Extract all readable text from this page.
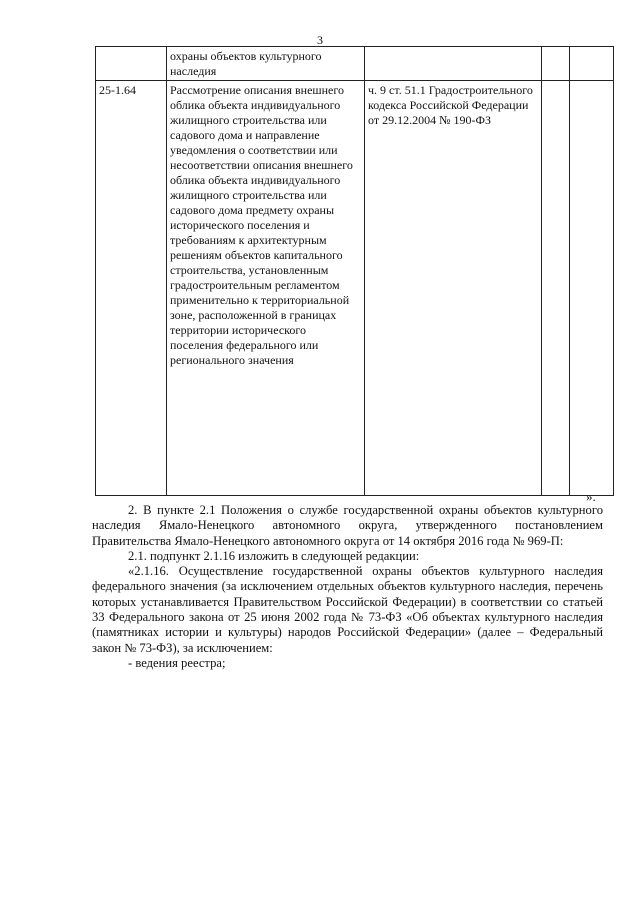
3
	охраны объектов культурного наследия			
25-1.64	Рассмотрение описания внешнего облика объекта индивидуального жилищного строительства или садового дома и направление уведомления о соответствии или несоответствии описания внешнего облика объекта индивидуального жилищного строительства или садового дома предмету охраны исторического поселения и требованиям к архитектурным решениям объектов капитального строительства, установленным градостроительным регламентом применительно к территориальной зоне, расположенной в границах территории исторического поселения федерального или регионального значения	ч. 9 ст. 51.1 Градостроительного кодекса Российской Федерации от 29.12.2004 № 190-ФЗ		
».

2. В пункте 2.1 Положения о службе государственной охраны объектов культурного наследия Ямало-Ненецкого автономного округа, утвержденного постановлением Правительства Ямало-Ненецкого автономного округа от 14 октября 2016 года № 969-П:

2.1. подпункт 2.1.16 изложить в следующей редакции:

«2.1.16. Осуществление государственной охраны объектов культурного наследия федерального значения (за исключением отдельных объектов культурного наследия, перечень которых устанавливается Правительством Российской Федерации) в соответствии со статьей 33 Федерального закона от 25 июня 2002 года № 73-ФЗ «Об объектах культурного наследия (памятниках истории и культуры) народов Российской Федерации» (далее – Федеральный закон № 73-ФЗ), за исключением:

- ведения реестра;
